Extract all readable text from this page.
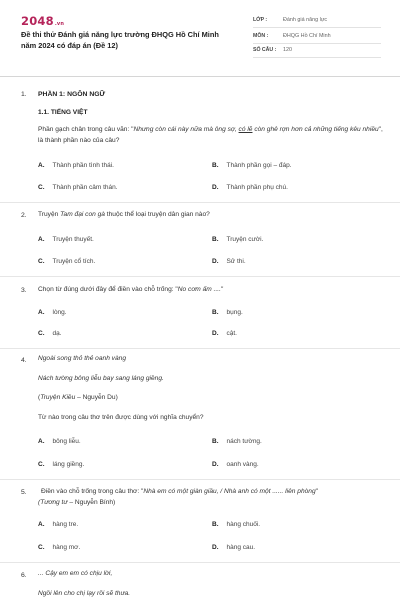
2048.vn
Đề thi thử Đánh giá năng lực trường ĐHQG Hồ Chí Minh năm 2024 có đáp án (Đề 12)
LỚP :	Đánh giá năng lực
MÔN :	ĐHQG Hồ Chí Minh
SỐ CÂU : 120
1. PHẦN 1: NGÔN NGỮ
1.1. TIẾNG VIỆT
Phần gạch chân trong câu văn: "Nhưng còn cái này nữa mà ông sợ, có lẽ còn ghê rợn hơn cả những tiếng kêu nhiều", là thành phần nào của câu?
A. Thành phần tình thái.	B. Thành phần gọi – đáp.
C. Thành phần cảm thán.	D. Thành phần phụ chú.
2. Truyện Tam đại con gà thuộc thể loại truyện dân gian nào?
A. Truyện thuyết.	B. Truyện cười.
C. Truyện cổ tích.	D. Sử thi.
3. Chọn từ đúng dưới đây để điền vào chỗ trống: "No cơm ấm ...."
A. lòng.	B. bụng.
C. dạ.	D. cật.
4. Ngoài song thỏ thẻ oanh vàng
Nách tường bông liễu bay sang láng giềng.
(Truyện Kiều – Nguyễn Du)
Từ nào trong câu thơ trên được dùng với nghĩa chuyển?
A. bông liễu.	B. nách tường.
C. láng giềng.	D. oanh vàng.
5. Điền vào chỗ trống trong câu thơ: "Nhà em có một giàn giầu, / Nhà anh có một ...... liên phòng"
(Tương tư – Nguyễn Bính)
A. hàng tre.	B. hàng chuối.
C. hàng mơ.	D. hàng cau.
6. ... Cậy em em có chịu lời,
Ngồi lên cho chị lạy rồi sẽ thưa.
